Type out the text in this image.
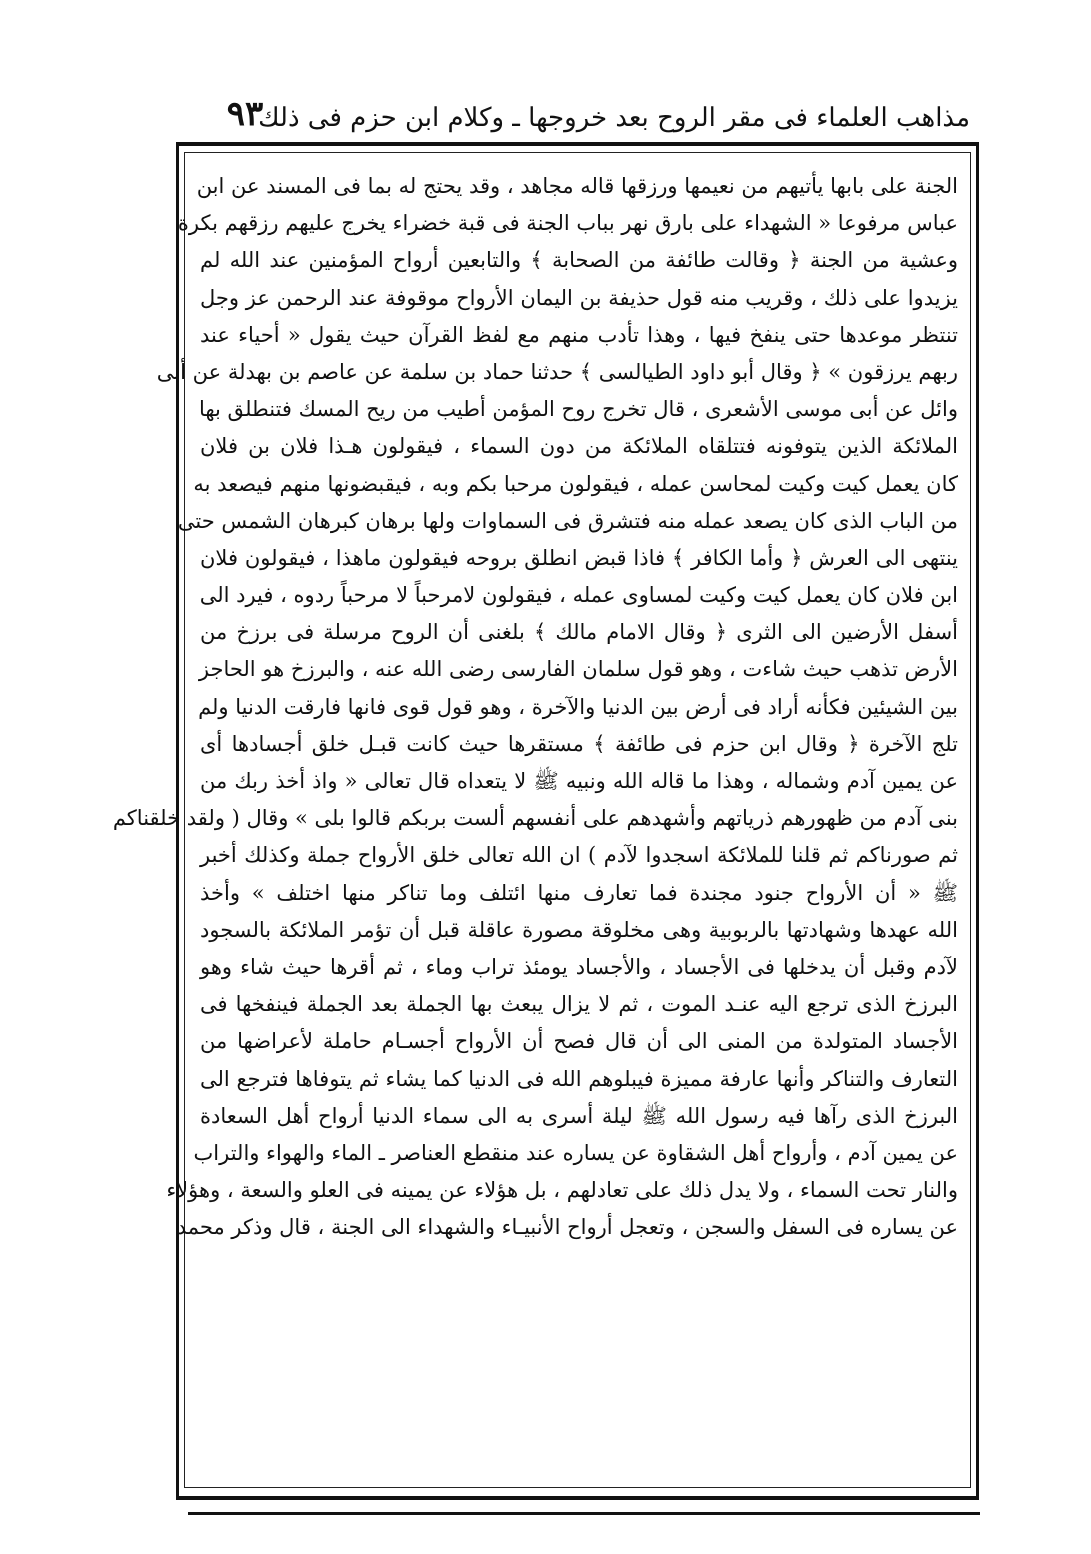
مذاهب العلماء فى مقر الروح بعد خروجها ـ وكلام ابن حزم فى ذلك
٩٣
الجنة على بابها يأتيهم من نعيمها ورزقها قاله مجاهد ، وقد يحتج له بما فى المسند عن ابن
عباس مرفوعا « الشهداء على بارق نهر بباب الجنة فى قبة خضراء يخرج عليهم رزقهم بكرة
وعشية من الجنة ﴿ وقالت طائفة من الصحابة ﴾ والتابعين أرواح المؤمنين عند الله لم
يزيدوا على ذلك ، وقريب منه قول حذيفة بن اليمان الأرواح موقوفة عند الرحمن عز وجل
تنتظر موعدها حتى ينفخ فيها ، وهذا تأدب منهم مع لفظ القرآن حيث يقول « أحياء عند
ربهم يرزقون » ﴿ وقال أبو داود الطيالسى ﴾ حدثنا حماد بن سلمة عن عاصم بن بهدلة عن أبى
وائل عن أبى موسى الأشعرى ، قال تخرج روح المؤمن أطيب من ريح المسك فتنطلق بها
الملائكة الذين يتوفونه فتتلقاه الملائكة من دون السماء ، فيقولون هـذا فلان بن فلان
كان يعمل كيت وكيت لمحاسن عمله ، فيقولون مرحبا بكم وبه ، فيقبضونها منهم فيصعد به
من الباب الذى كان يصعد عمله منه فتشرق فى السماوات ولها برهان كبرهان الشمس حتى
ينتهى الى العرش ﴿ وأما الكافر ﴾ فاذا قبض انطلق بروحه فيقولون ماهذا ، فيقولون فلان
ابن فلان كان يعمل كيت وكيت لمساوى عمله ، فيقولون لامرحباً لا مرحباً ردوه ، فيرد الى
أسفل الأرضين الى الثرى ﴿ وقال الامام مالك ﴾ بلغنى أن الروح مرسلة فى برزخ من
الأرض تذهب حيث شاءت ، وهو قول سلمان الفارسى رضى الله عنه ، والبرزخ هو الحاجز
بين الشيئين فكأنه أراد فى أرض بين الدنيا والآخرة ، وهو قول قوى فانها فارقت الدنيا ولم
تلج الآخرة ﴿ وقال ابن حزم فى طائفة ﴾ مستقرها حيث كانت قبـل خلق أجسادها أى
عن يمين آدم وشماله ، وهذا ما قاله الله ونبيه ﷺ لا يتعداه قال تعالى « واذ أخذ ربك من
بنى آدم من ظهورهم ذرياتهم وأشهدهم على أنفسهم ألست بربكم قالوا بلى » وقال ( ولقد خلقناكم
ثم صورناكم ثم قلنا للملائكة اسجدوا لآدم ) ان الله تعالى خلق الأرواح جملة وكذلك أخبر
ﷺ « أن الأرواح جنود مجندة فما تعارف منها ائتلف وما تناكر منها اختلف » وأخذ
الله عهدها وشهادتها بالربوبية وهى مخلوقة مصورة عاقلة قبل أن تؤمر الملائكة بالسجود
لآدم وقبل أن يدخلها فى الأجساد ، والأجساد يومئذ تراب وماء ، ثم أقرها حيث شاء وهو
البرزخ الذى ترجع اليه عنـد الموت ، ثم لا يزال يبعث بها الجملة بعد الجملة فينفخها فى
الأجساد المتولدة من المنى الى أن قال فصح أن الأرواح أجسـام حاملة لأعراضها من
التعارف والتناكر وأنها عارفة مميزة فيبلوهم الله فى الدنيا كما يشاء ثم يتوفاها فترجع الى
البرزخ الذى رآها فيه رسول الله ﷺ ليلة أسرى به الى سماء الدنيا أرواح أهل السعادة
عن يمين آدم ، وأرواح أهل الشقاوة عن يساره عند منقطع العناصر ـ الماء والهواء والتراب
والنار تحت السماء ، ولا يدل ذلك على تعادلهم ، بل هؤلاء عن يمينه فى العلو والسعة ، وهؤلاء
عن يساره فى السفل والسجن ، وتعجل أرواح الأنبيـاء والشهداء الى الجنة ، قال وذكر محمد
